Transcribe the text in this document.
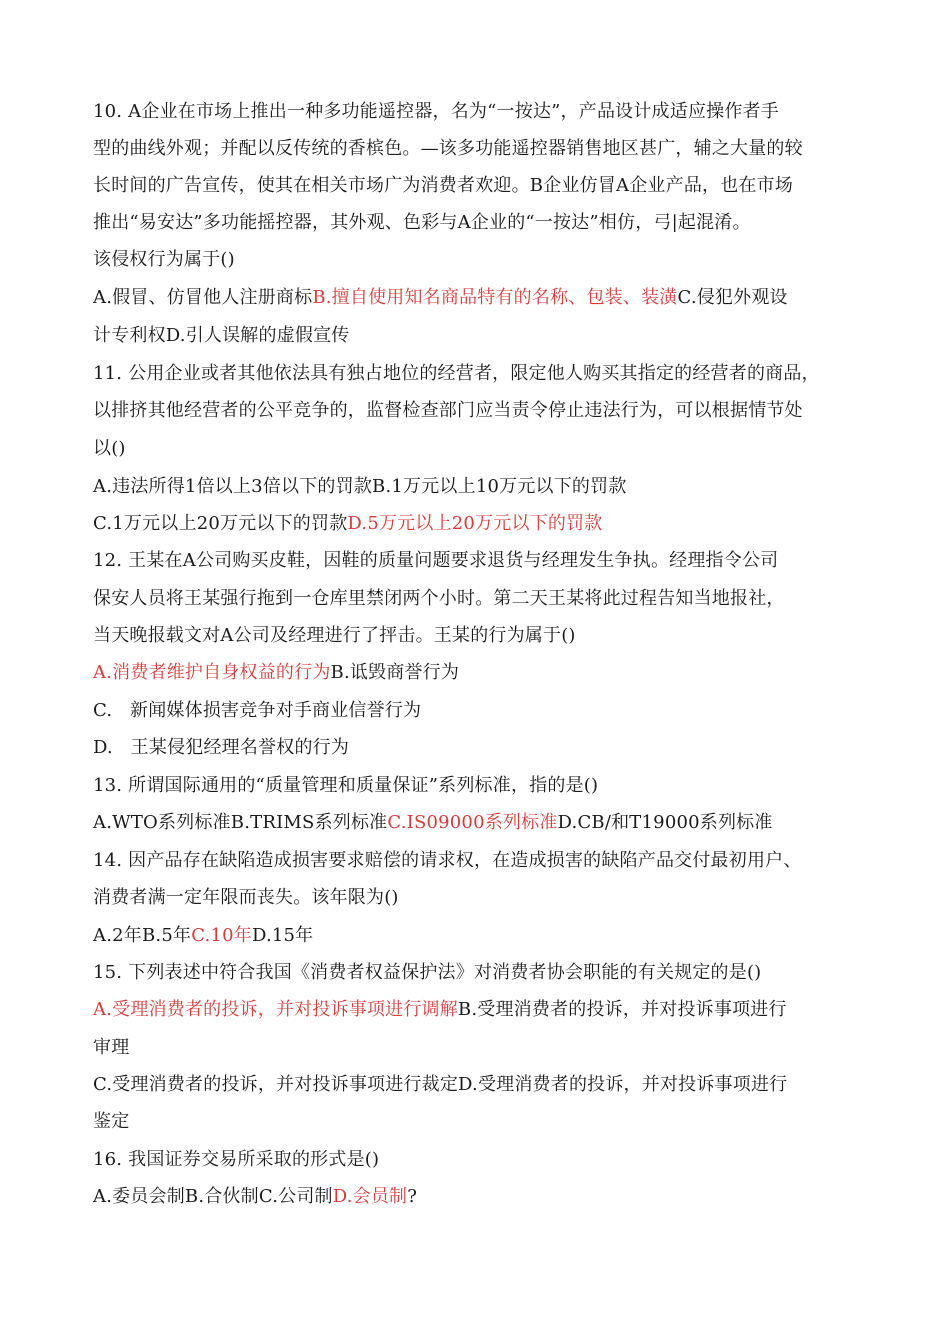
10. A企业在市场上推出一种多功能遥控器，名为“一按达”，产品设计成适应操作者手
型的曲线外观；并配以反传统的香槟色。—该多功能遥控器销售地区甚广，辅之大量的较
长时间的广告宣传，使其在相关市场广为消费者欢迎。B企业仿冒A企业产品，也在市场
推出“易安达”多功能摇控器，其外观、色彩与A企业的“一按达”相仿，弓|起混淆。
该侵权行为属于()
A.假冒、仿冒他人注册商标B.擅自使用知名商品特有的名称、包装、装潢C.侵犯外观设
计专利权D.引人误解的虚假宣传
11. 公用企业或者其他依法具有独占地位的经营者，限定他人购买其指定的经营者的商品，
以排挤其他经营者的公平竞争的，监督检查部门应当责令停止违法行为，可以根据情节处
以()
A.违法所得1倍以上3倍以下的罚款B.1万元以上10万元以下的罚款
C.1万元以上20万元以下的罚款D.5万元以上20万元以下的罚款
12. 王某在A公司购买皮鞋，因鞋的质量问题要求退货与经理发生争执。经理指令公司
保安人员将王某强行拖到一仓库里禁闭两个小时。第二天王某将此过程告知当地报社，
当天晚报载文对A公司及经理进行了抨击。王某的行为属于()
A.消费者维护自身权益的行为B.诋毁商誉行为
C.   新闻媒体损害竞争对手商业信誉行为
D.   王某侵犯经理名誉权的行为
13. 所谓国际通用的“质量管理和质量保证”系列标准，指的是()
A.WTO系列标准B.TRIMS系列标准C.IS09000系列标准D.CB/和T19000系列标准
14. 因产品存在缺陷造成损害要求赔偿的请求权，在造成损害的缺陷产品交付最初用户、
消费者满一定年限而丧失。该年限为()
A.2年B.5年C.10年D.15年
15. 下列表述中符合我国《消费者权益保护法》对消费者协会职能的有关规定的是()
A.受理消费者的投诉，并对投诉事项进行调解B.受理消费者的投诉，并对投诉事项进行
审理
C.受理消费者的投诉，并对投诉事项进行裁定D.受理消费者的投诉，并对投诉事项进行
鉴定
16. 我国证券交易所采取的形式是()
A.委员会制B.合伙制C.公司制D.会员制?
